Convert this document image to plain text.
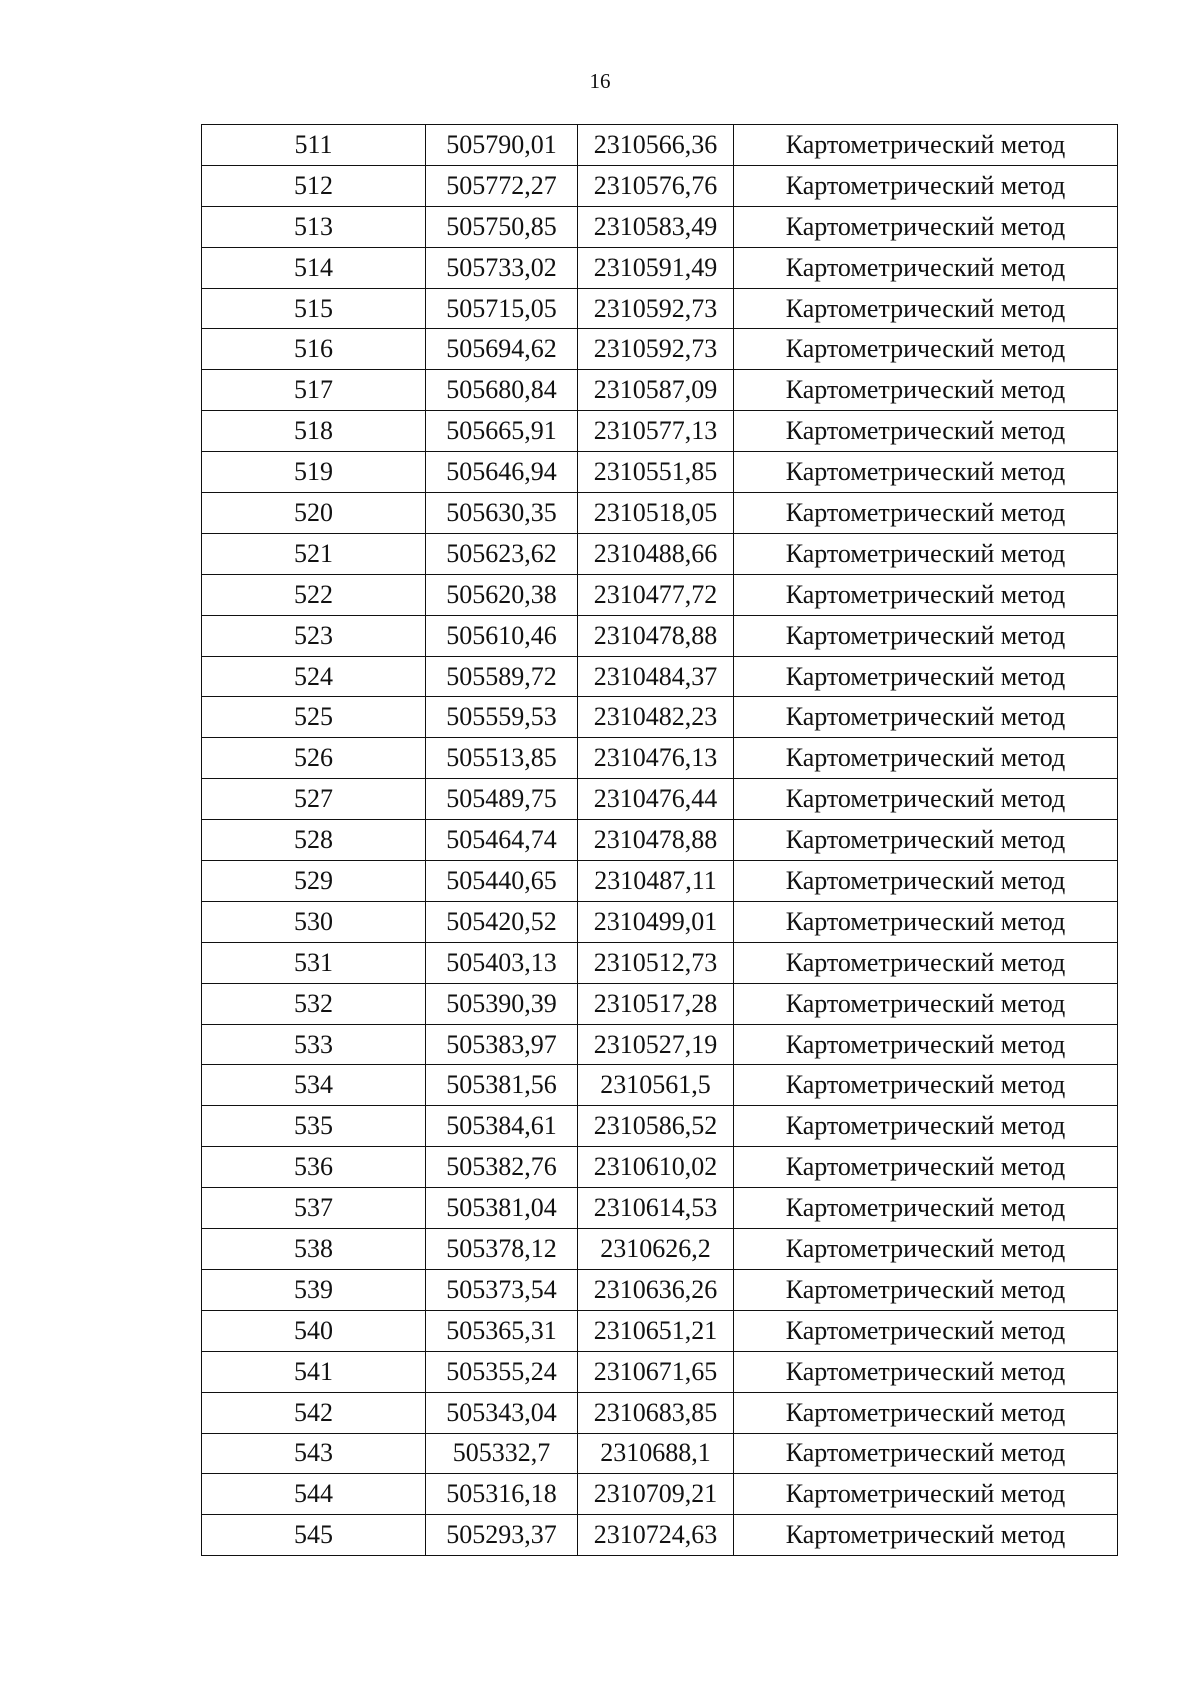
16
511	505790,01	2310566,36	Картометрический метод
512	505772,27	2310576,76	Картометрический метод
513	505750,85	2310583,49	Картометрический метод
514	505733,02	2310591,49	Картометрический метод
515	505715,05	2310592,73	Картометрический метод
516	505694,62	2310592,73	Картометрический метод
517	505680,84	2310587,09	Картометрический метод
518	505665,91	2310577,13	Картометрический метод
519	505646,94	2310551,85	Картометрический метод
520	505630,35	2310518,05	Картометрический метод
521	505623,62	2310488,66	Картометрический метод
522	505620,38	2310477,72	Картометрический метод
523	505610,46	2310478,88	Картометрический метод
524	505589,72	2310484,37	Картометрический метод
525	505559,53	2310482,23	Картометрический метод
526	505513,85	2310476,13	Картометрический метод
527	505489,75	2310476,44	Картометрический метод
528	505464,74	2310478,88	Картометрический метод
529	505440,65	2310487,11	Картометрический метод
530	505420,52	2310499,01	Картометрический метод
531	505403,13	2310512,73	Картометрический метод
532	505390,39	2310517,28	Картометрический метод
533	505383,97	2310527,19	Картометрический метод
534	505381,56	2310561,5	Картометрический метод
535	505384,61	2310586,52	Картометрический метод
536	505382,76	2310610,02	Картометрический метод
537	505381,04	2310614,53	Картометрический метод
538	505378,12	2310626,2	Картометрический метод
539	505373,54	2310636,26	Картометрический метод
540	505365,31	2310651,21	Картометрический метод
541	505355,24	2310671,65	Картометрический метод
542	505343,04	2310683,85	Картометрический метод
543	505332,7	2310688,1	Картометрический метод
544	505316,18	2310709,21	Картометрический метод
545	505293,37	2310724,63	Картометрический метод
